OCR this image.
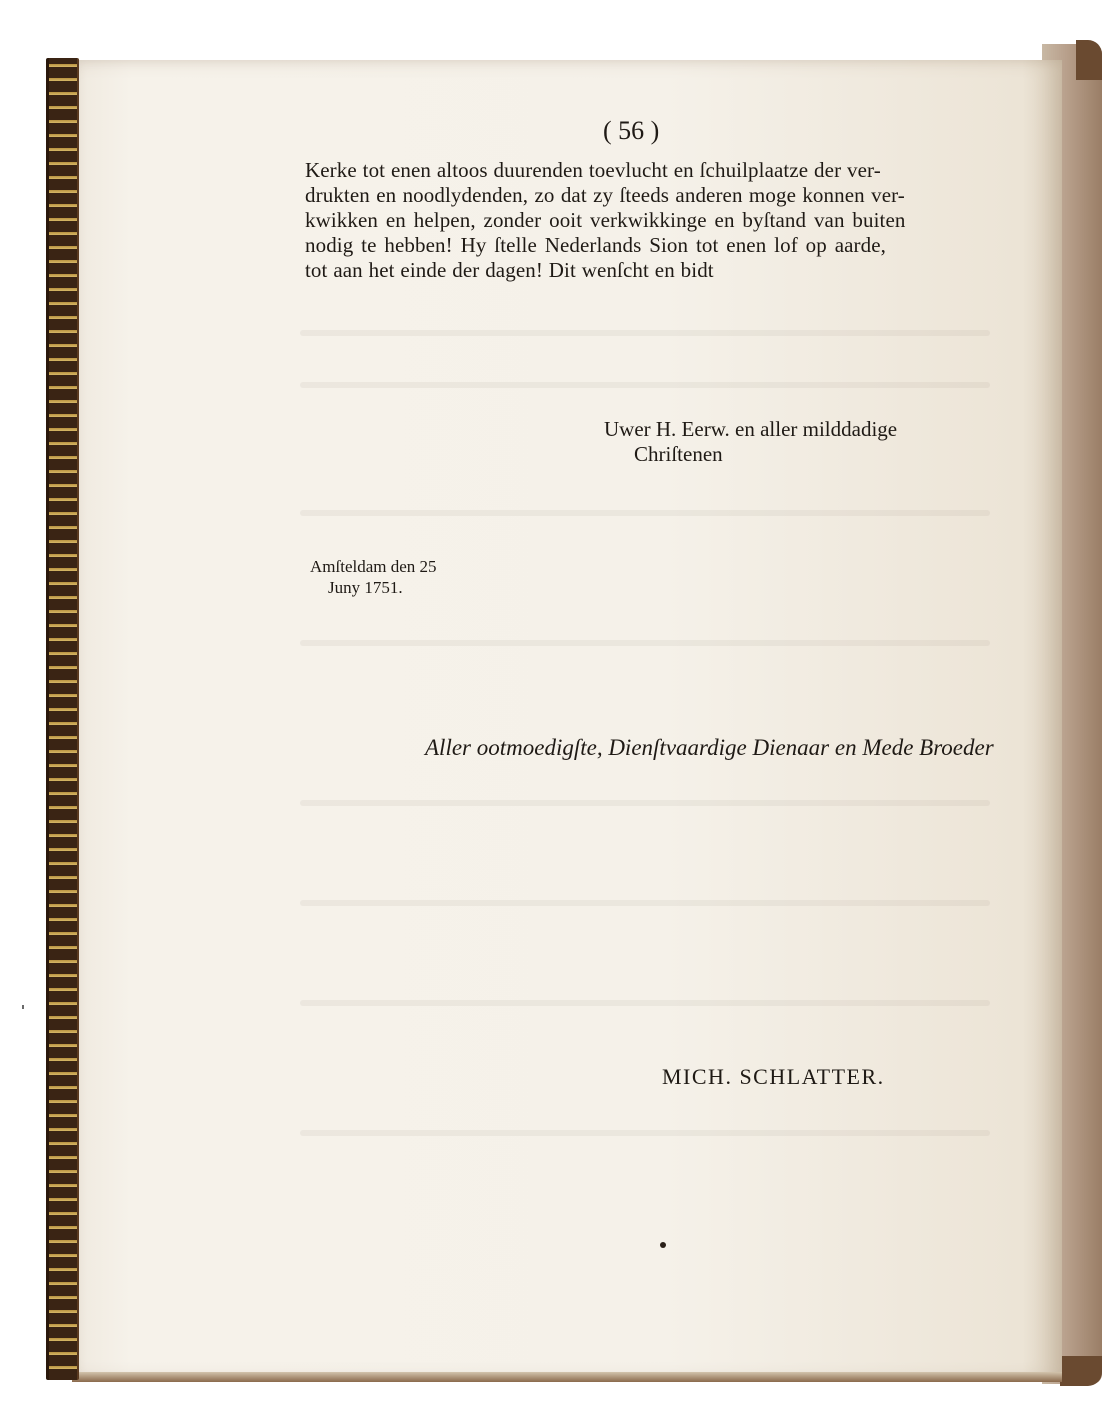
( 56 )
Kerke tot enen altoos duurenden toevlucht en ſchuilplaatze der ver-
drukten en noodlydenden, zo dat zy ſteeds anderen moge konnen ver-
kwikken en helpen, zonder ooit verkwikkinge en byſtand van buiten
nodig te hebben! Hy ſtelle Nederlands Sion tot enen lof op aarde,
tot aan het einde der dagen! Dit wenſcht en bidt
Uwer H. Eerw. en aller milddadige
Chriſtenen
Amſteldam den 25
Juny 1751.
Aller ootmoedigſte, Dienſtvaardige Dienaar en Mede Broeder
MICH. SCHLATTER.
